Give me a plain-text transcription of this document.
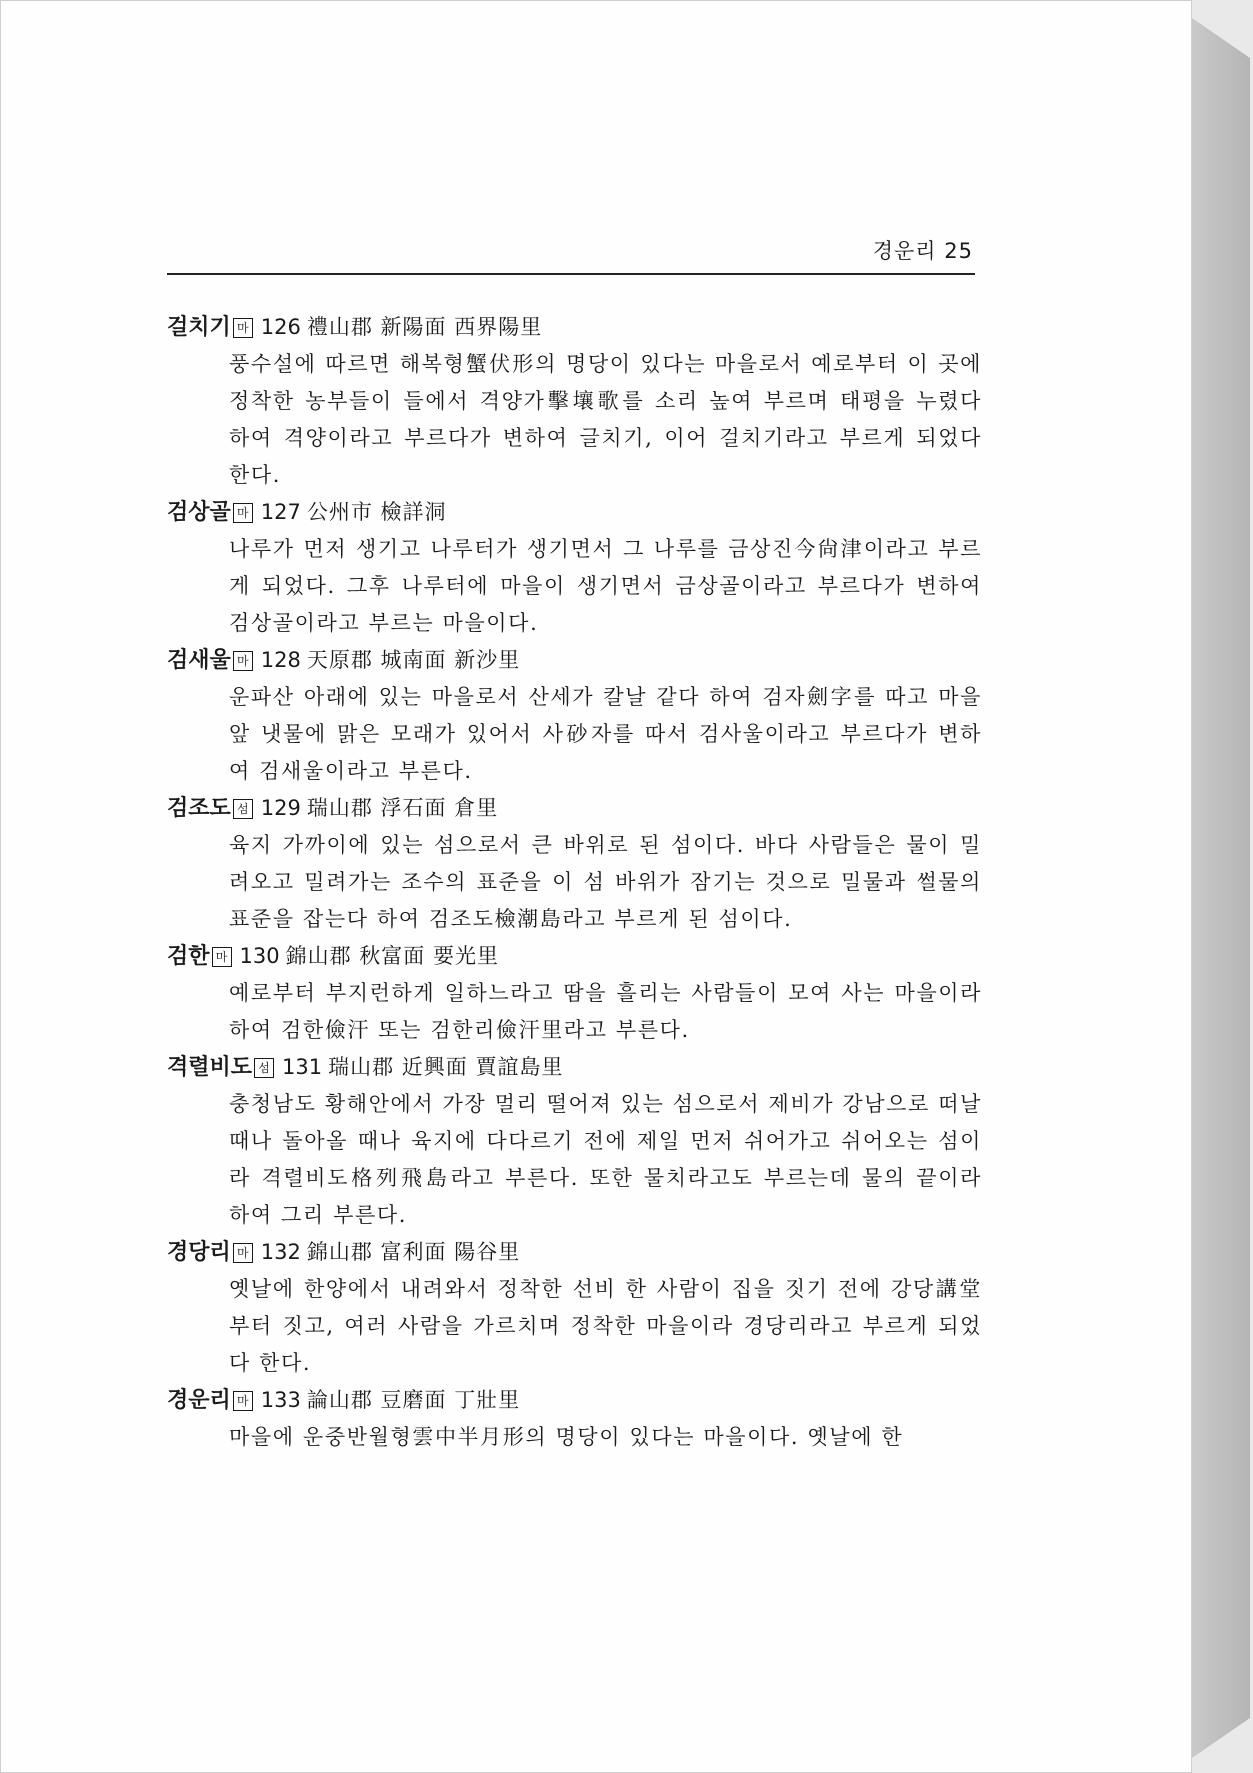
경운리 25
걸치기 마 126 禮山郡 新陽面 西界陽里

풍수설에 따르면 해복형蟹伏形의 명당이 있다는 마을로서 예로부터 이 곳에 정착한 농부들이 들에서 격양가擊壤歌를 소리 높여 부르며 태평을 누렸다 하여 격양이라고 부르다가 변하여 글치기, 이어 걸치기라고 부르게 되었다 한다.

검상골 마 127 公州市 檢詳洞

나루가 먼저 생기고 나루터가 생기면서 그 나루를 금상진今尙津이라고 부르게 되었다. 그후 나루터에 마을이 생기면서 금상골이라고 부르다가 변하여 검상골이라고 부르는 마을이다.

검새울 마 128 天原郡 城南面 新沙里

운파산 아래에 있는 마을로서 산세가 칼날 같다 하여 검자劍字를 따고 마을 앞 냇물에 맑은 모래가 있어서 사砂자를 따서 검사울이라고 부르다가 변하여 검새울이라고 부른다.

검조도 섬 129 瑞山郡 浮石面 倉里

육지 가까이에 있는 섬으로서 큰 바위로 된 섬이다. 바다 사람들은 물이 밀려오고 밀려가는 조수의 표준을 이 섬 바위가 잠기는 것으로 밀물과 썰물의 표준을 잡는다 하여 검조도檢潮島라고 부르게 된 섬이다.

검한 마 130 錦山郡 秋富面 要光里

예로부터 부지런하게 일하느라고 땀을 흘리는 사람들이 모여 사는 마을이라 하여 검한儉汗 또는 검한리儉汗里라고 부른다.

격렬비도 섬 131 瑞山郡 近興面 賈誼島里

충청남도 황해안에서 가장 멀리 떨어져 있는 섬으로서 제비가 강남으로 떠날 때나 돌아올 때나 육지에 다다르기 전에 제일 먼저 쉬어가고 쉬어오는 섬이라 격렬비도格列飛島라고 부른다. 또한 물치라고도 부르는데 물의 끝이라 하여 그리 부른다.

경당리 마 132 錦山郡 富利面 陽谷里

옛날에 한양에서 내려와서 정착한 선비 한 사람이 집을 짓기 전에 강당講堂부터 짓고, 여러 사람을 가르치며 정착한 마을이라 경당리라고 부르게 되었다 한다.

경운리 마 133 論山郡 豆磨面 丁壯里

마을에 운중반월형雲中半月形의 명당이 있다는 마을이다. 옛날에 한
